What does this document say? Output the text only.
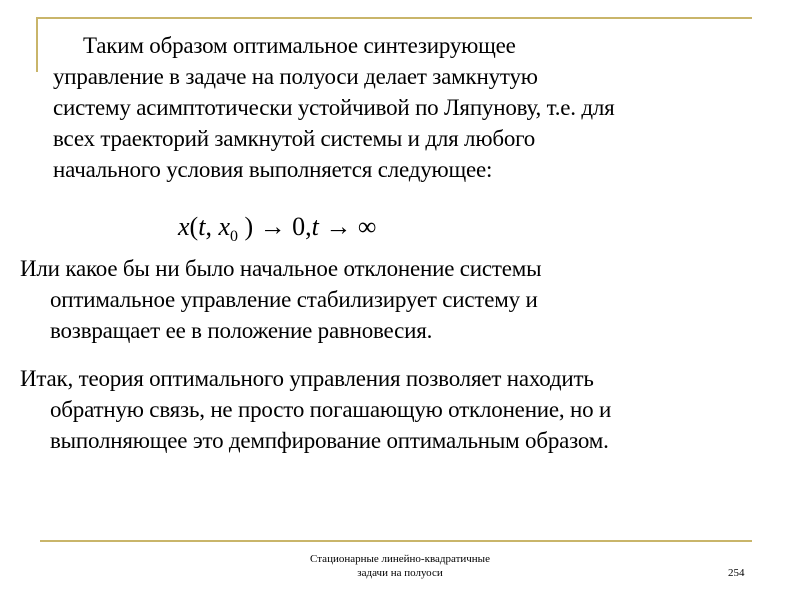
Таким образом оптимальное синтезирующее
управление в задаче на полуоси делает замкнутую
систему асимптотически устойчивой по Ляпунову, т.е. для
всех траекторий замкнутой системы и для любого
начального условия выполняется следующее:
x(t, $x_0$ ) → 0,t → ∞
Или какое бы ни было начальное отклонение системы
оптимальное управление стабилизирует систему и
возвращает ее в положение равновесия.
Итак, теория оптимального управления позволяет находить
обратную связь, не просто погашающую отклонение, но и
выполняющее это демпфирование оптимальным образом.
Стационарные линейно-квадратичные
задачи на полуоси	254
